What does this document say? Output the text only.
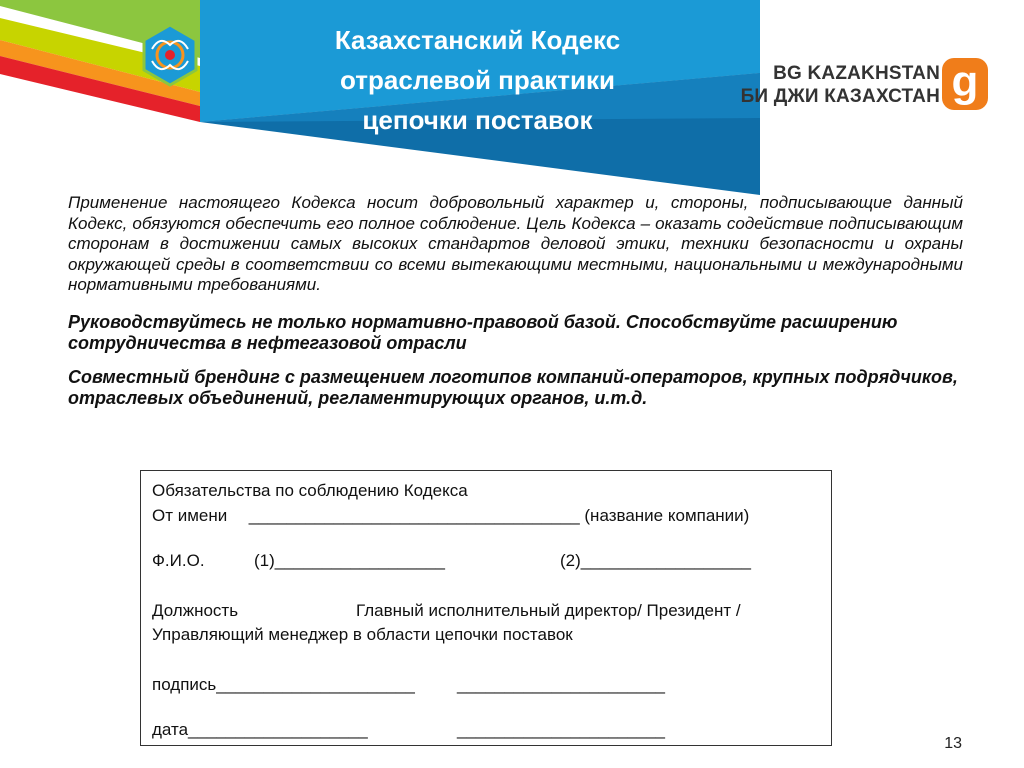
Казахстанский Кодекс
отраслевой практики
цепочки поставок
BG KAZAKHSTAN
БИ ДЖИ КАЗАХСТАН g

Применение настоящего Кодекса носит добровольный характер и, стороны, подписывающие данный Кодекс, обязуются обеспечить его полное соблюдение. Цель Кодекса – оказать содействие подписывающим сторонам в достижении самых высоких стандартов деловой этики, техники безопасности и охраны окружающей среды в соответствии со всеми вытекающими местными, национальными и международными нормативными требованиями.

Руководствуйтесь не только нормативно-правовой базой. Способствуйте расширению сотрудничества в нефтегазовой отрасли

Совместный брендинг с размещением логотипов компаний-операторов, крупных подрядчиков, отраслевых объединений, регламентирующих органов, и.т.д.

Обязательства по соблюдению Кодекса
От имени ___________________________________ (название компании)
Ф.И.О.	(1)__________________	(2)__________________
Должность	Главный исполнительный директор/ Президент /
Управляющий менеджер в области цепочки поставок
подпись_____________________ ______________________
дата___________________	______________________
13
